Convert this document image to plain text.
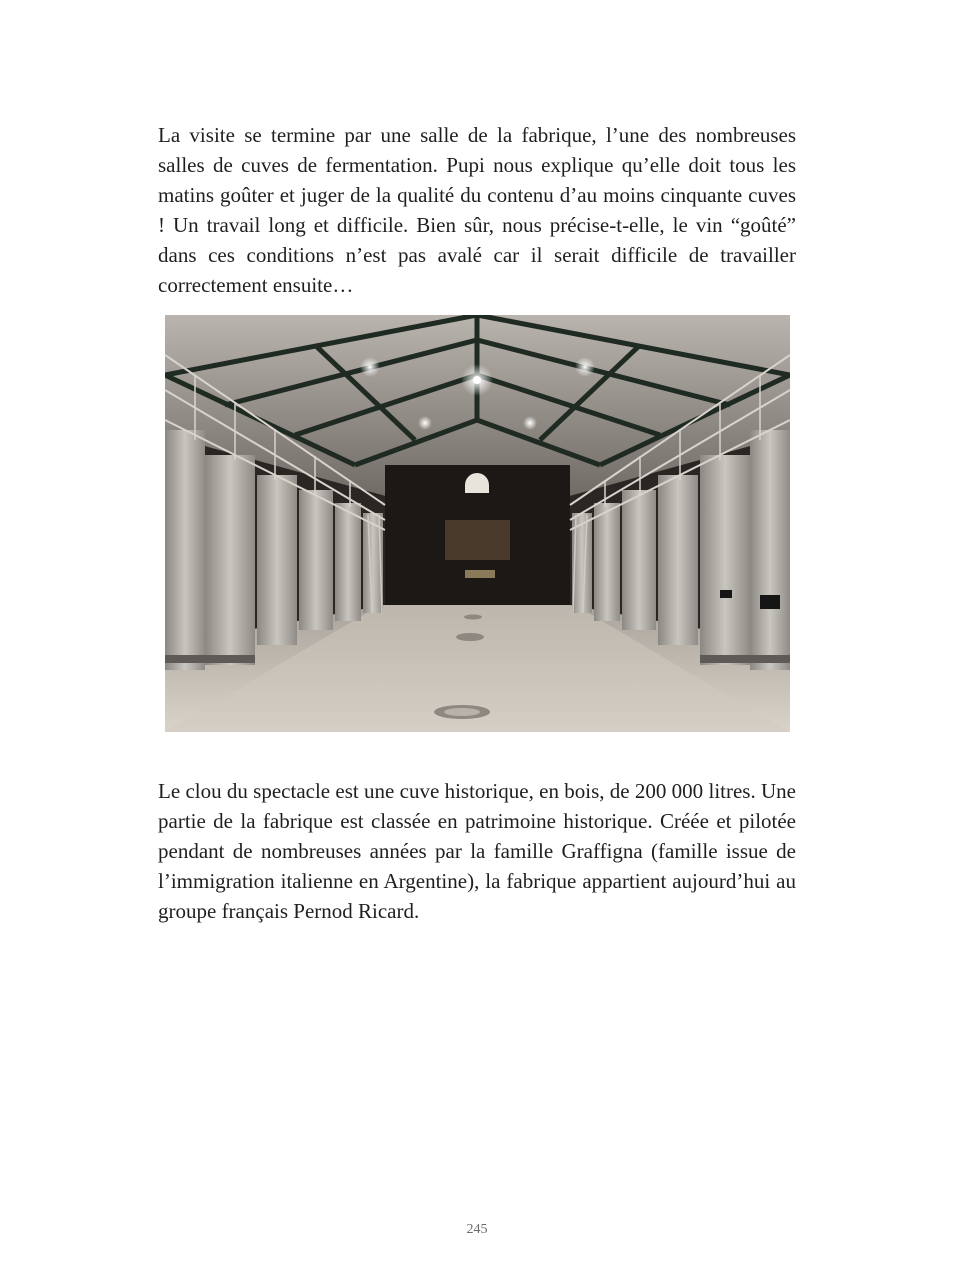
La visite se termine par une salle de la fabrique, l’une des nombreuses salles de cuves de fermentation. Pupi nous explique qu’elle doit tous les matins goûter et juger de la qualité du contenu d’au moins cinquante cuves ! Un travail long et difficile. Bien sûr, nous précise-t-elle, le vin “goûté” dans ces conditions n’est pas avalé car il serait difficile de travailler correctement ensuite…

Le clou du spectacle est une cuve historique, en bois, de 200 000 litres. Une partie de la fabrique est classée en patrimoine historique. Créée et pilotée pendant de nombreuses années par la famille Graffigna (famille issue de l’immigration italienne en Argentine), la fabrique appartient aujourd’hui au groupe français Pernod Ricard.

245
